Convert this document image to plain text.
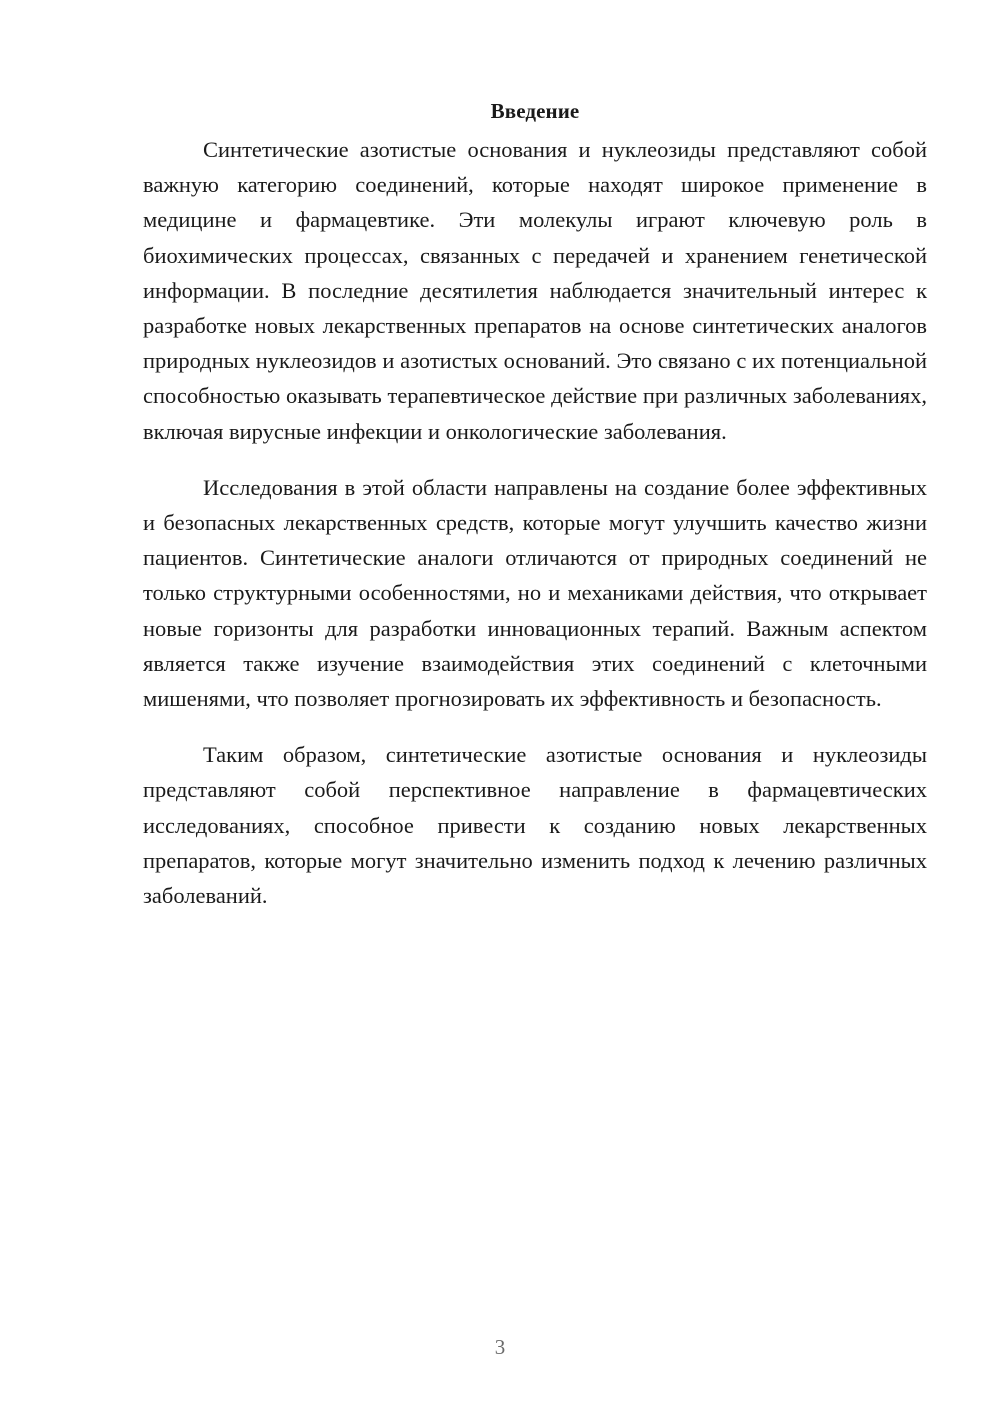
Введение

Синтетические азотистые основания и нуклеозиды представляют собой важную категорию соединений, которые находят широкое применение в медицине и фармацевтике. Эти молекулы играют ключевую роль в биохимических процессах, связанных с передачей и хранением генетической информации. В последние десятилетия наблюдается значительный интерес к разработке новых лекарственных препаратов на основе синтетических аналогов природных нуклеозидов и азотистых оснований. Это связано с их потенциальной способностью оказывать терапевтическое действие при различных заболеваниях, включая вирусные инфекции и онкологические заболевания.

Исследования в этой области направлены на создание более эффективных и безопасных лекарственных средств, которые могут улучшить качество жизни пациентов. Синтетические аналоги отличаются от природных соединений не только структурными особенностями, но и механиками действия, что открывает новые горизонты для разработки инновационных терапий. Важным аспектом является также изучение взаимодействия этих соединений с клеточными мишенями, что позволяет прогнозировать их эффективность и безопасность.

Таким образом, синтетические азотистые основания и нуклеозиды представляют собой перспективное направление в фармацевтических исследованиях, способное привести к созданию новых лекарственных препаратов, которые могут значительно изменить подход к лечению различных заболеваний.

3
